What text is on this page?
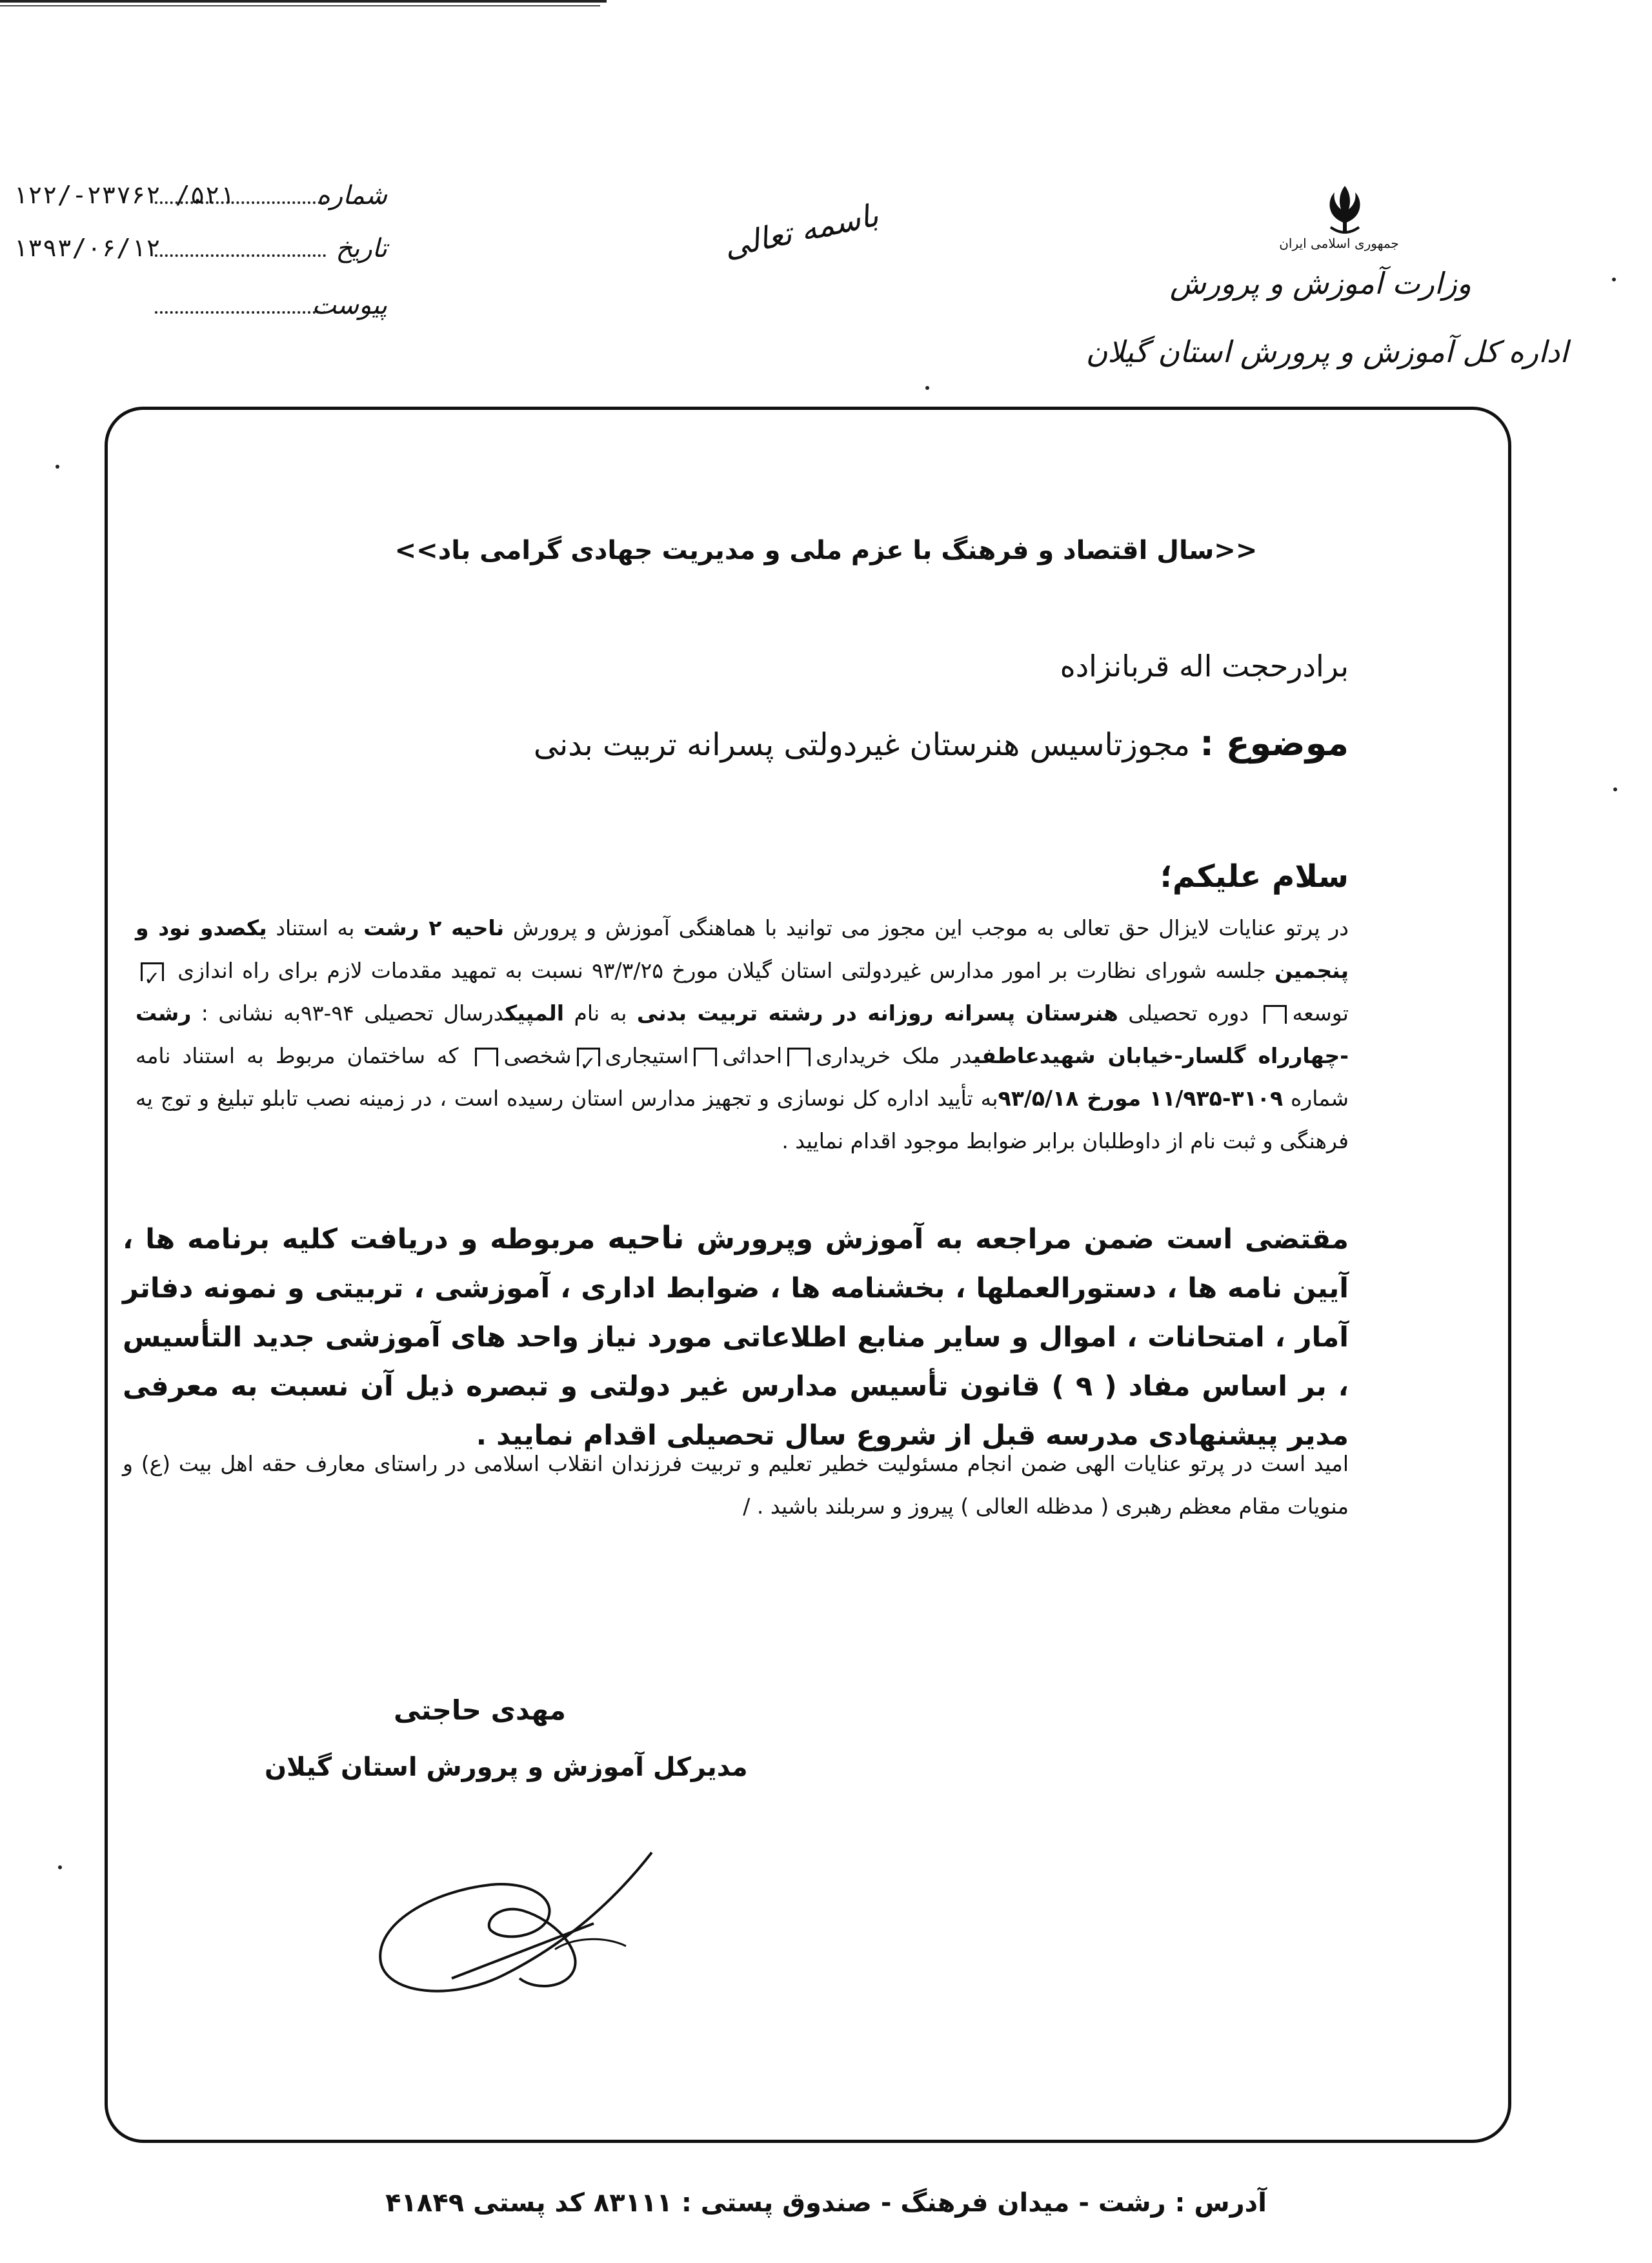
جمهوری اسلامی ایران
وزارت آموزش و پرورش
اداره کل آموزش و پرورش استان گیلان
باسمه تعالی
شماره
۵۲۱/ ۲۳۷۶۲-/۱۲۲
تاریخ
۱۳۹۳/۰۶/۱۲
پیوست
<<سال اقتصاد و فرهنگ با عزم ملی و مدیریت جهادی گرامی باد>>
برادرحجت اله قربانزاده
موضوع : مجوزتاسیس هنرستان غیردولتی پسرانه تربیت بدنی
سلام علیکم؛
در پرتو عنایات لایزال حق تعالی به موجب این مجوز می توانید با هماهنگی آموزش و پرورش ناحیه ۲ رشت به استناد یکصدو نود و پنجمین جلسه شورای نظارت بر امور مدارس غیردولتی استان گیلان مورخ ۹۳/۳/۲۵ نسبت به تمهید مقدمات لازم برای راه اندازی ✓توسعه دوره تحصیلی هنرستان پسرانه روزانه در رشته تربیت بدنی به نام المپیکدرسال تحصیلی ۹۴-۹۳به نشانی : رشت -چهارراه گلسار-خیابان شهیدعاطفیدر ملک خریداریاحداثیاستیجاری✓شخصی که ساختمان مربوط به استناد نامه شماره ۳۱۰۹-۱۱/۹۳۵ مورخ ۹۳/۵/۱۸به تأیید اداره کل نوسازی و تجهیز مدارس استان رسیده است ، در زمینه نصب تابلو تبلیغ و توج یه فرهنگی و ثبت نام از داوطلبان برابر ضوابط موجود اقدام نمایید .
مقتضی است ضمن مراجعه به آموزش وپرورش ناحیه مربوطه و دریافت کلیه برنامه ها ، آیین نامه ها ، دستورالعملها ، بخشنامه ها ، ضوابط اداری ، آموزشی ، تربیتی و نمونه دفاتر آمار ، امتحانات ، اموال و سایر منابع اطلاعاتی مورد نیاز واحد های آموزشی جدید التأسیس ، بر اساس مفاد ( ۹ ) قانون تأسیس مدارس غیر دولتی و تبصره ذیل آن نسبت به معرفی مدیر پیشنهادی مدرسه قبل از شروع سال تحصیلی اقدام نمایید .
امید است در پرتو عنایات الهی ضمن انجام مسئولیت خطیر تعلیم و تربیت فرزندان انقلاب اسلامی در راستای معارف حقه اهل بیت (ع) و منویات مقام معظم رهبری ( مدظله العالی ) پیروز و سربلند باشید . /
مهدی حاجتی
مدیرکل آموزش و پرورش استان گیلان
آدرس : رشت - میدان فرهنگ - صندوق پستی : ۸۳۱۱۱ کد پستی ۴۱۸۴۹
